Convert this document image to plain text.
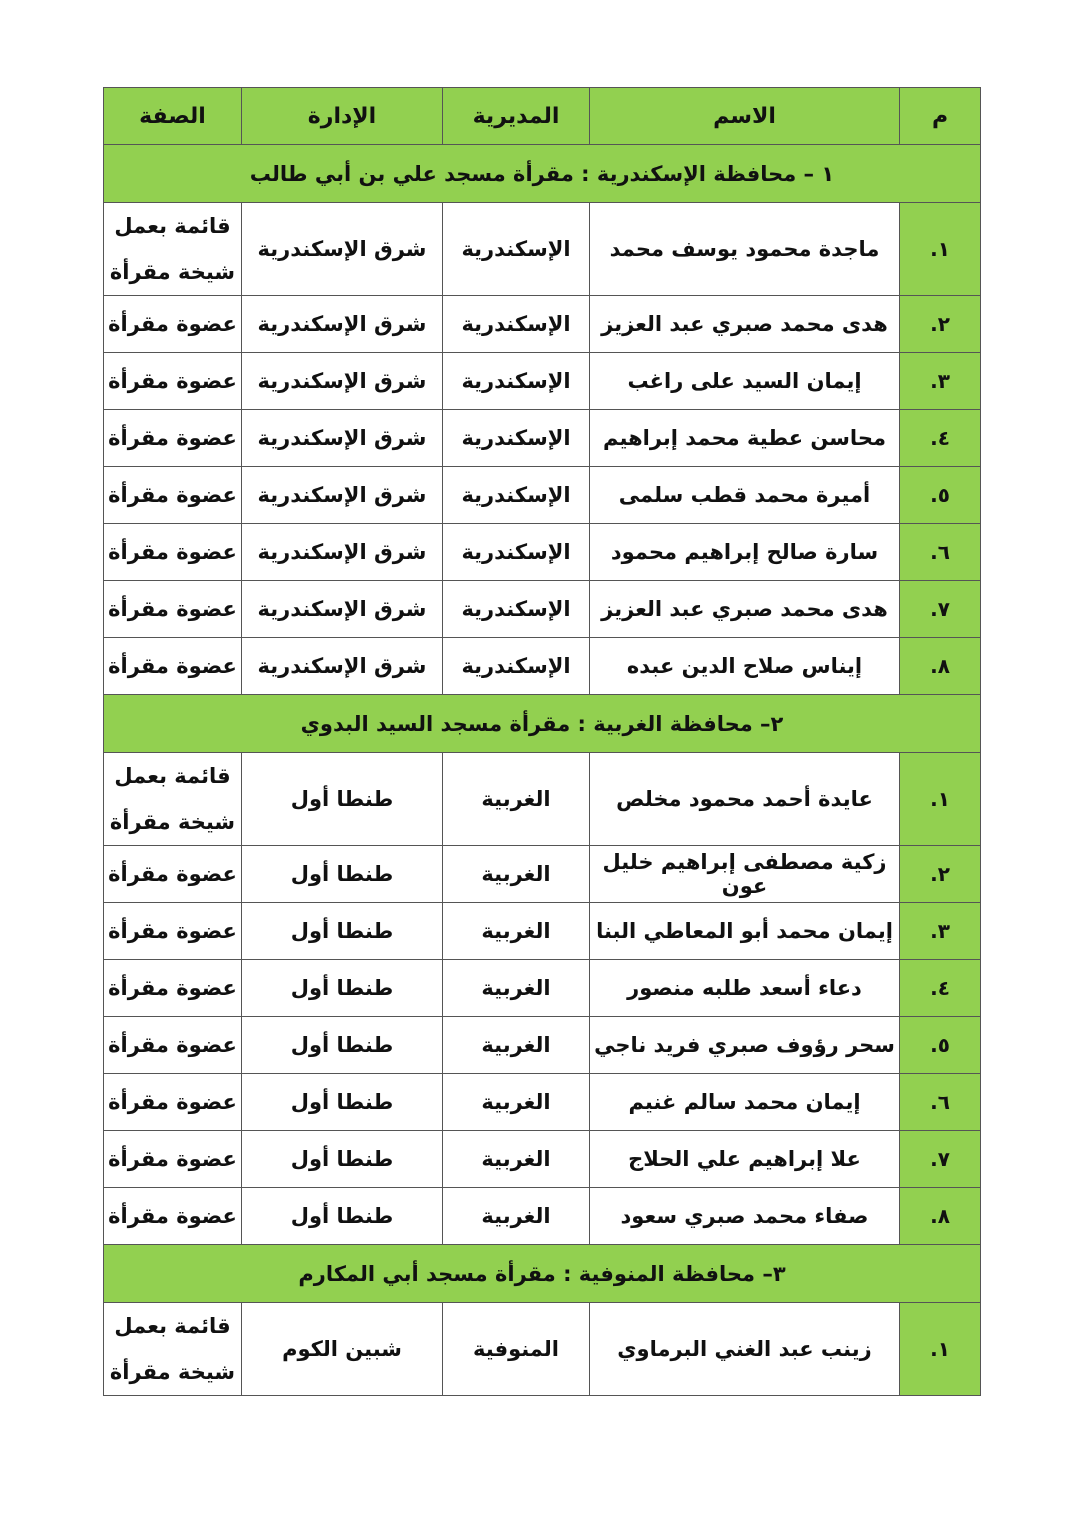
م	الاسم	المديرية	الإدارة	الصفة
١ – محافظة الإسكندرية : مقرأة مسجد علي بن أبي طالب				
١.	ماجدة محمود يوسف محمد	الإسكندرية	شرق الإسكندرية	قائمة بعمل
شيخة مقرأة

٢.	هدى محمد صبري عبد العزيز	الإسكندرية	شرق الإسكندرية	عضوة مقرأة
٣.	إيمان السيد على راغب	الإسكندرية	شرق الإسكندرية	عضوة مقرأة
٤.	محاسن عطية محمد إبراهيم	الإسكندرية	شرق الإسكندرية	عضوة مقرأة
٥.	أميرة محمد قطب سلمى	الإسكندرية	شرق الإسكندرية	عضوة مقرأة
٦.	سارة صالح إبراهيم محمود	الإسكندرية	شرق الإسكندرية	عضوة مقرأة
٧.	هدى محمد صبري عبد العزيز	الإسكندرية	شرق الإسكندرية	عضوة مقرأة
٨.	إيناس صلاح الدين عبده	الإسكندرية	شرق الإسكندرية	عضوة مقرأة
٢– محافظة الغربية : مقرأة مسجد السيد البدوي				
١.	عايدة أحمد محمود مخلص	الغربية	طنطا أول	قائمة بعمل
شيخة مقرأة

٢.	زكية مصطفى إبراهيم خليل عون	الغربية	طنطا أول	عضوة مقرأة
٣.	إيمان محمد أبو المعاطي البنا	الغربية	طنطا أول	عضوة مقرأة
٤.	دعاء أسعد طلبه منصور	الغربية	طنطا أول	عضوة مقرأة
٥.	سحر رؤوف صبري فريد ناجي	الغربية	طنطا أول	عضوة مقرأة
٦.	إيمان محمد سالم غنيم	الغربية	طنطا أول	عضوة مقرأة
٧.	علا إبراهيم علي الحلاج	الغربية	طنطا أول	عضوة مقرأة
٨.	صفاء محمد صبري سعود	الغربية	طنطا أول	عضوة مقرأة
٣– محافظة المنوفية : مقرأة مسجد أبي المكارم				
١.	زينب عبد الغني البرماوي	المنوفية	شبين الكوم	قائمة بعمل
شيخة مقرأة
